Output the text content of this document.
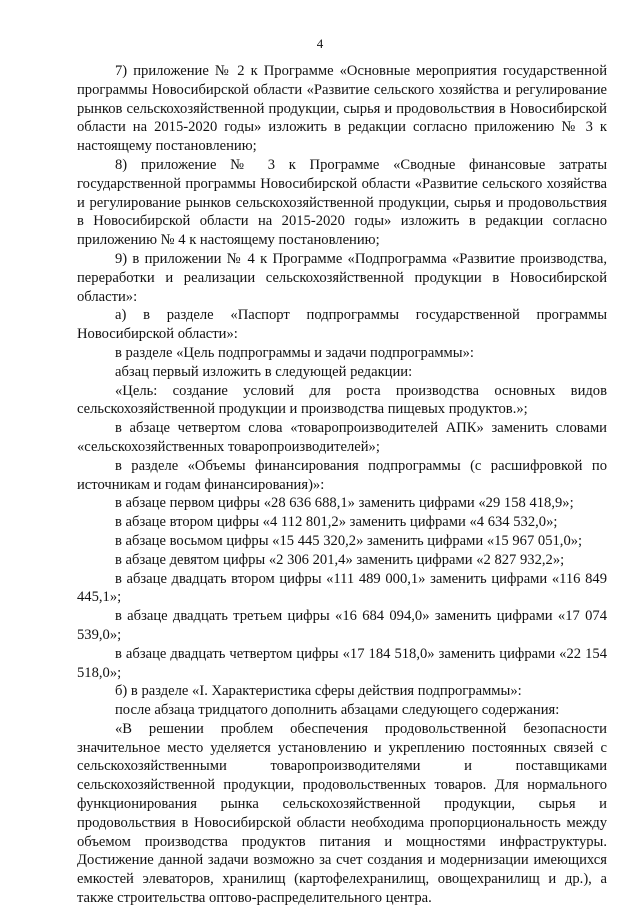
4

7) приложение № 2 к Программе «Основные мероприятия государственной программы Новосибирской области «Развитие сельского хозяйства и регулирование рынков сельскохозяйственной продукции, сырья и продовольствия в Новосибирской области на 2015-2020 годы» изложить в редакции согласно приложению № 3 к настоящему постановлению;

8) приложение № 3 к Программе «Сводные финансовые затраты государственной программы Новосибирской области «Развитие сельского хозяйства и регулирование рынков сельскохозяйственной продукции, сырья и продовольствия в Новосибирской области на 2015-2020 годы» изложить в редакции согласно приложению № 4 к настоящему постановлению;

9) в приложении № 4 к Программе «Подпрограмма «Развитие производства, переработки и реализации сельскохозяйственной продукции в Новосибирской области»:

а) в разделе «Паспорт подпрограммы государственной программы Новосибирской области»:

в разделе «Цель подпрограммы и задачи подпрограммы»:

абзац первый изложить в следующей редакции:

«Цель: создание условий для роста производства основных видов сельскохозяйственной продукции и производства пищевых продуктов.»;

в абзаце четвертом слова «товаропроизводителей АПК» заменить словами «сельскохозяйственных товаропроизводителей»;

в разделе «Объемы финансирования подпрограммы (с расшифровкой по источникам и годам финансирования)»:

в абзаце первом цифры «28 636 688,1» заменить цифрами «29 158 418,9»;

в абзаце втором цифры «4 112 801,2» заменить цифрами «4 634 532,0»;

в абзаце восьмом цифры «15 445 320,2» заменить цифрами «15 967 051,0»;

в абзаце девятом цифры «2 306 201,4» заменить цифрами «2 827 932,2»;

в абзаце двадцать втором цифры «111 489 000,1» заменить цифрами «116 849 445,1»;

в абзаце двадцать третьем цифры «16 684 094,0» заменить цифрами «17 074 539,0»;

в абзаце двадцать четвертом цифры «17 184 518,0» заменить цифрами «22 154 518,0»;

б) в разделе «I. Характеристика сферы действия подпрограммы»:

после абзаца тридцатого дополнить абзацами следующего содержания:

«В решении проблем обеспечения продовольственной безопасности значительное место уделяется установлению и укреплению постоянных связей с сельскохозяйственными товаропроизводителями и поставщиками сельскохозяйственной продукции, продовольственных товаров. Для нормального функционирования рынка сельскохозяйственной продукции, сырья и продовольствия в Новосибирской области необходима пропорциональность между объемом производства продуктов питания и мощностями инфраструктуры. Достижение данной задачи возможно за счет создания и модернизации имеющихся емкостей элеваторов, хранилищ (картофелехранилищ, овощехранилищ и др.), а также строительства оптово-распределительного центра.
